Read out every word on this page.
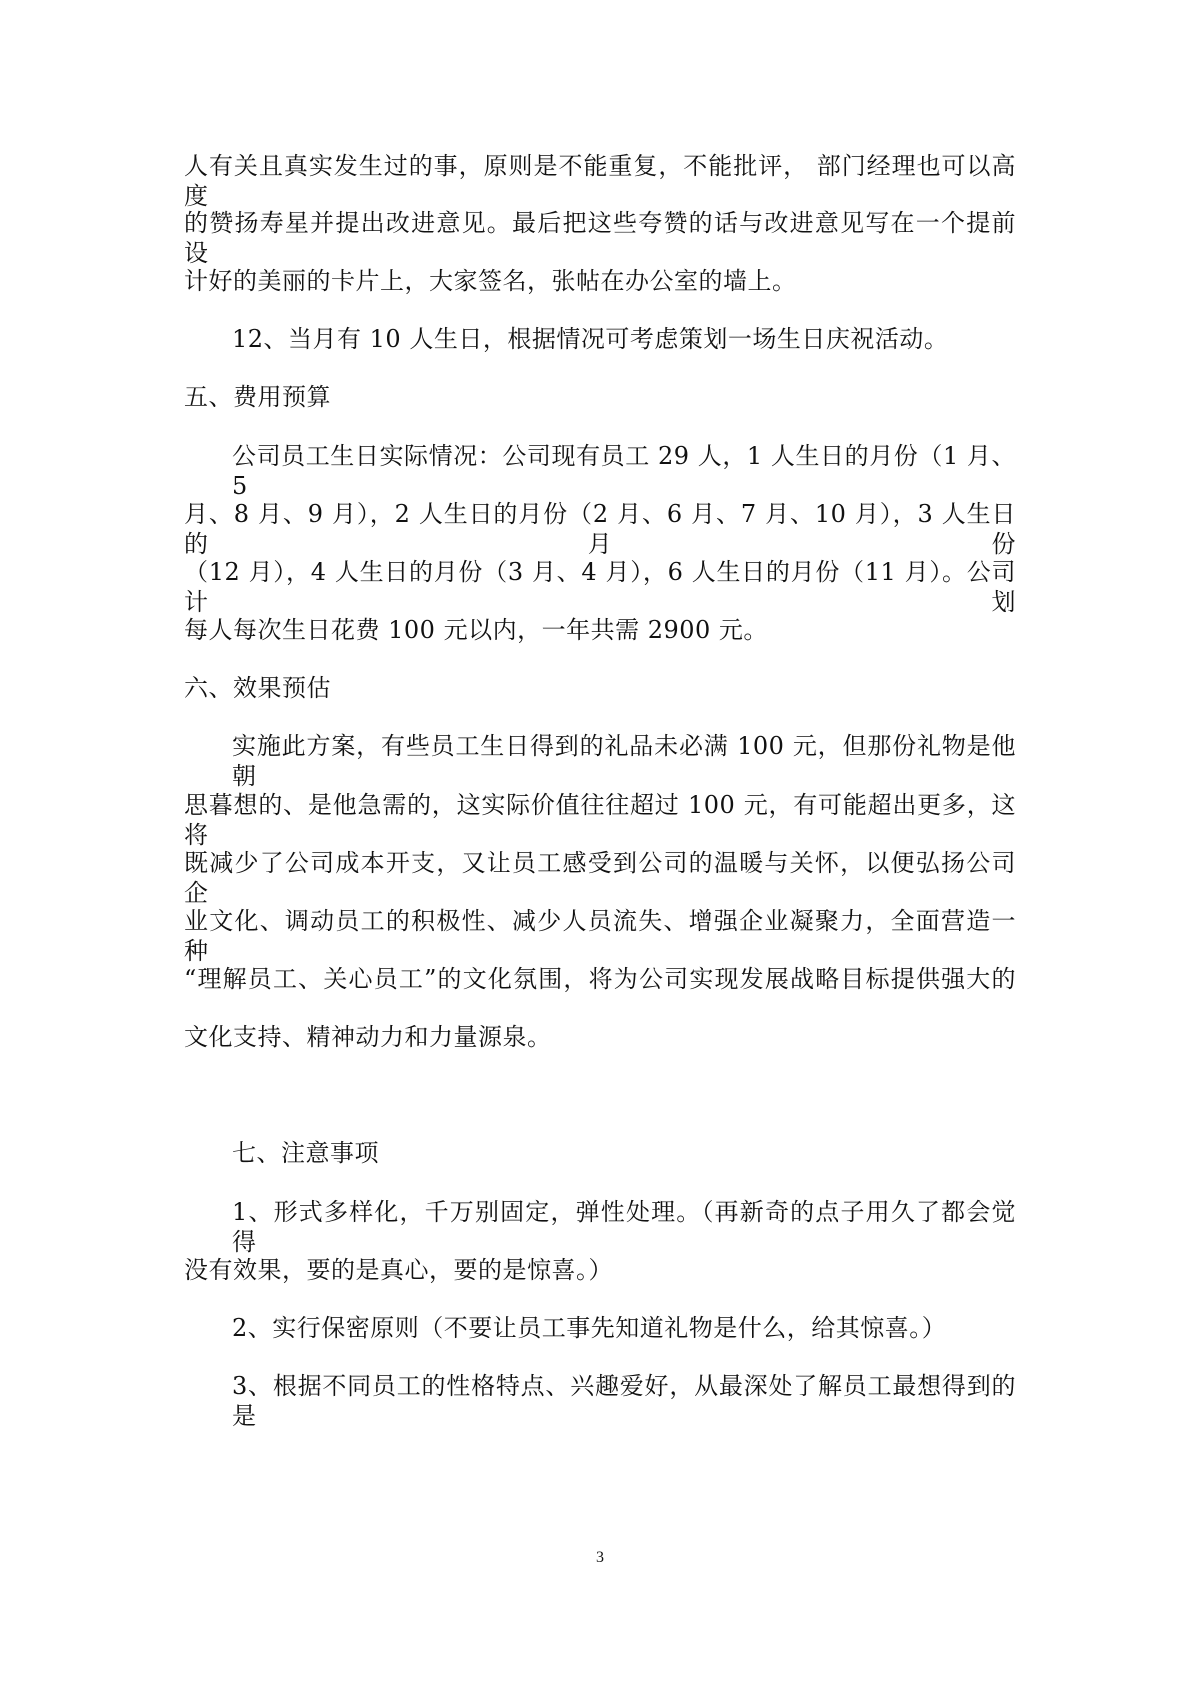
人有关且真实发生过的事，原则是不能重复，不能批评， 部门经理也可以高度
的赞扬寿星并提出改进意见。最后把这些夸赞的话与改进意见写在一个提前设
计好的美丽的卡片上，大家签名，张帖在办公室的墙上。
12、当月有 10 人生日，根据情况可考虑策划一场生日庆祝活动。
五、费用预算
公司员工生日实际情况：公司现有员工 29 人，1 人生日的月份（1 月、5
月、8 月、9 月），2 人生日的月份（2 月、6 月、7 月、10 月），3 人生日的月份
（12 月），4 人生日的月份（3 月、4 月），6 人生日的月份（11 月）。公司计划
每人每次生日花费 100 元以内，一年共需 2900 元。
六、效果预估
实施此方案，有些员工生日得到的礼品未必满 100 元，但那份礼物是他朝
思暮想的、是他急需的，这实际价值往往超过 100 元，有可能超出更多，这将
既减少了公司成本开支，又让员工感受到公司的温暖与关怀，以便弘扬公司企
业文化、调动员工的积极性、减少人员流失、增强企业凝聚力，全面营造一种
“理解员工、关心员工”的文化氛围，将为公司实现发展战略目标提供强大的
文化支持、精神动力和力量源泉。
七、注意事项
1、形式多样化，千万别固定，弹性处理。（再新奇的点子用久了都会觉得
没有效果，要的是真心，要的是惊喜。）
2、实行保密原则（不要让员工事先知道礼物是什么，给其惊喜。）
3、根据不同员工的性格特点、兴趣爱好，从最深处了解员工最想得到的是
3
